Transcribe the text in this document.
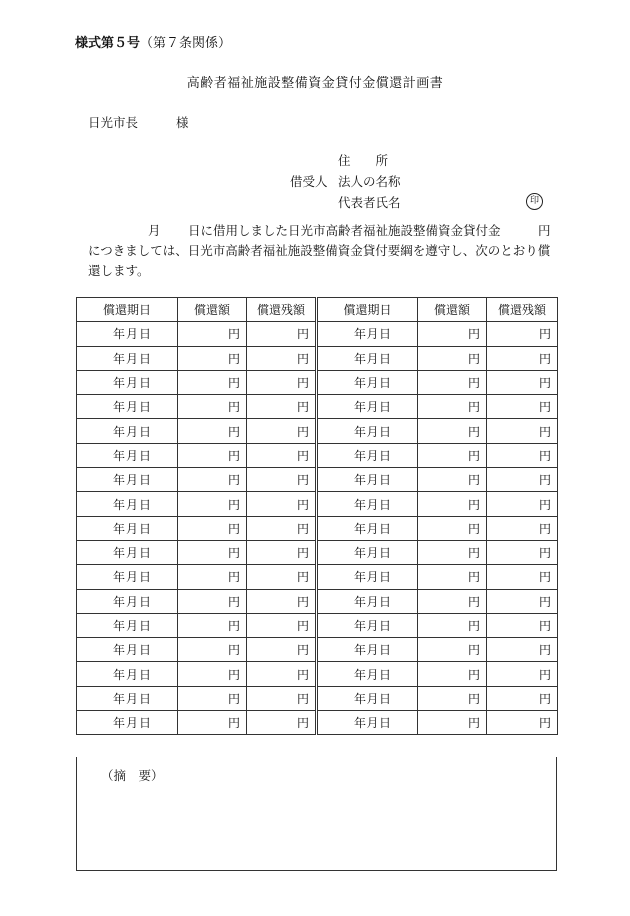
様式第５号（第７条関係）
高齢者福祉施設整備資金貸付金償還計画書
日光市長	様
住　　所
借受人 法人の名称
代表者氏名	印
月 日に借用しました日光市高齢者福祉施設整備資金貸付金	円
につきましては、日光市高齢者福祉施設整備資金貸付要綱を遵守し、次のとおり償還します。
償還期日	償還額	償還残額	償還期日	償還額	償還残額

年 月 日	円	円	年 月 日	円	円

年 月 日	円	円	年 月 日	円	円

年 月 日	円	円	年 月 日	円	円

年 月 日	円	円	年 月 日	円	円

年 月 日	円	円	年 月 日	円	円

年 月 日	円	円	年 月 日	円	円

年 月 日	円	円	年 月 日	円	円

年 月 日	円	円	年 月 日	円	円

年 月 日	円	円	年 月 日	円	円

年 月 日	円	円	年 月 日	円	円

年 月 日	円	円	年 月 日	円	円

年 月 日	円	円	年 月 日	円	円

年 月 日	円	円	年 月 日	円	円

年 月 日	円	円	年 月 日	円	円

年 月 日	円	円	年 月 日	円	円

年 月 日	円	円	年 月 日	円	円

年 月 日	円	円	年 月 日	円	円
（摘　要）
